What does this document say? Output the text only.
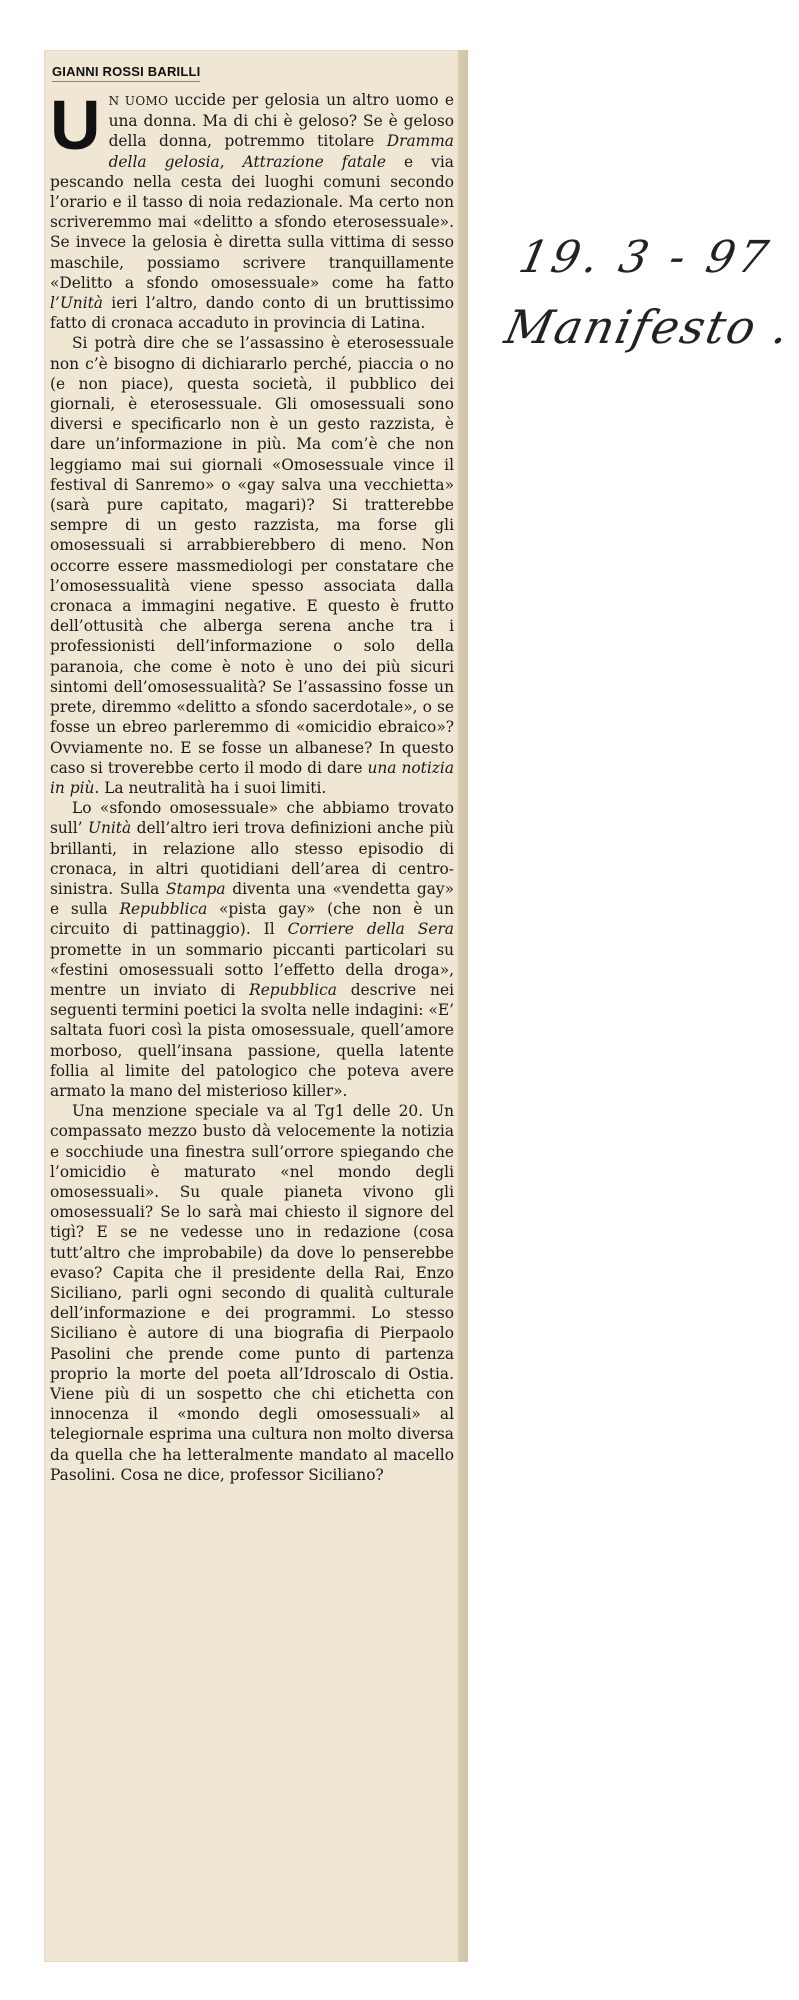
GIANNI ROSSI BARILLI

U N UOMO uccide per gelosia un altro uomo e una donna. Ma di chi è geloso? Se è geloso della donna, potremmo titolare Dramma della gelosia, Attrazione fatale e via pescando nella cesta dei luoghi comuni secondo l’orario e il tasso di noia redazionale. Ma certo non scriveremmo mai «delitto a sfondo eterosessuale». Se invece la gelosia è diretta sulla vittima di sesso maschile, possiamo scrivere tranquillamente «Delitto a sfondo omosessuale» come ha fatto l’Unità ieri l’altro, dando conto di un bruttissimo fatto di cronaca accaduto in provincia di Latina.

Si potrà dire che se l’assassino è eterosessuale non c’è bisogno di dichiararlo perché, piaccia o no (e non piace), questa società, il pubblico dei giornali, è eterosessuale. Gli omosessuali sono diversi e specificarlo non è un gesto razzista, è dare un’informazione in più. Ma com’è che non leggiamo mai sui giornali «Omosessuale vince il festival di Sanremo» o «gay salva una vecchietta» (sarà pure capitato, magari)? Si tratterebbe sempre di un gesto razzista, ma forse gli omosessuali si arrabbierebbero di meno. Non occorre essere massmediologi per constatare che l’omosessualità viene spesso associata dalla cronaca a immagini negative. E questo è frutto dell’ottusità che alberga serena anche tra i professionisti dell’informazione o solo della paranoia, che come è noto è uno dei più sicuri sintomi dell’omosessualità? Se l’assassino fosse un prete, diremmo «delitto a sfondo sacerdotale», o se fosse un ebreo parleremmo di «omicidio ebraico»? Ovviamente no. E se fosse un albanese? In questo caso si troverebbe certo il modo di dare una notizia in più. La neutralità ha i suoi limiti.

Lo «sfondo omosessuale» che abbiamo trovato sull’ Unità dell’altro ieri trova definizioni anche più brillanti, in relazione allo stesso episodio di cronaca, in altri quotidiani dell’area di centro-sinistra. Sulla Stampa diventa una «vendetta gay» e sulla Repubblica «pista gay» (che non è un circuito di pattinaggio). Il Corriere della Sera promette in un sommario piccanti particolari su «festini omosessuali sotto l’effetto della droga», mentre un inviato di Repubblica descrive nei seguenti termini poetici la svolta nelle indagini: «E’ saltata fuori così la pista omosessuale, quell’amore morboso, quell’insana passione, quella latente follia al limite del patologico che poteva avere armato la mano del misterioso killer».

Una menzione speciale va al Tg1 delle 20. Un compassato mezzo busto dà velocemente la notizia e socchiude una finestra sull’orrore spiegando che l’omicidio è maturato «nel mondo degli omosessuali». Su quale pianeta vivono gli omosessuali? Se lo sarà mai chiesto il signore del tigì? E se ne vedesse uno in redazione (cosa tutt’altro che improbabile) da dove lo penserebbe evaso? Capita che il presidente della Rai, Enzo Siciliano, parli ogni secondo di qualità culturale dell’informazione e dei programmi. Lo stesso Siciliano è autore di una biografia di Pierpaolo Pasolini che prende come punto di partenza proprio la morte del poeta all’Idroscalo di Ostia. Viene più di un sospetto che chi etichetta con innocenza il «mondo degli omosessuali» al telegiornale esprima una cultura non molto diversa da quella che ha letteralmente mandato al macello Pasolini. Cosa ne dice, professor Siciliano?

19. 3 - 97
Manifesto .
